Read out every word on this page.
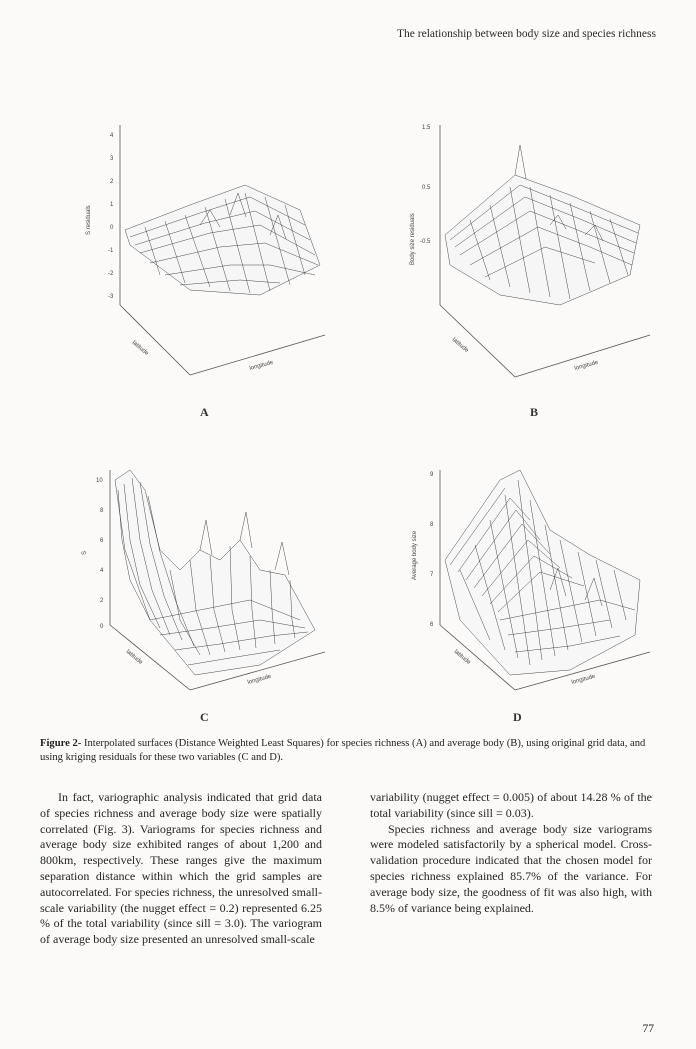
The relationship between body size and species richness
4
3
2
1
0
-1
-2
-3
S residuals
latitude
longitude
A
1.5
0.5
-0.5
Body size residuals
latitude
longitude
B
10
8
6
4
2
0
S
latitude
longitude
C
9
8
7
6
Average body size
latitude
longitude
D
Figure 2- Interpolated surfaces (Distance Weighted Least Squares) for species richness (A) and average body (B), using original grid data, and using kriging residuals for these two variables (C and D).

In fact, variographic analysis indicated that grid data of species richness and average body size were spatially correlated (Fig. 3). Variograms for species richness and average body size exhibited ranges of about 1,200 and 800km, respectively. These ranges give the maximum separation distance within which the grid samples are autocorrelated. For species richness, the unresolved small-scale variability (the nugget effect = 0.2) represented 6.25 % of the total variability (since sill = 3.0). The variogram of average body size presented an unresolved small-scale

variability (nugget effect = 0.005) of about 14.28 % of the total variability (since sill = 0.03).

Species richness and average body size variograms were modeled satisfactorily by a spherical model. Cross-validation procedure indicated that the chosen model for species richness explained 85.7% of the variance. For average body size, the goodness of fit was also high, with 8.5% of variance being explained.

77
